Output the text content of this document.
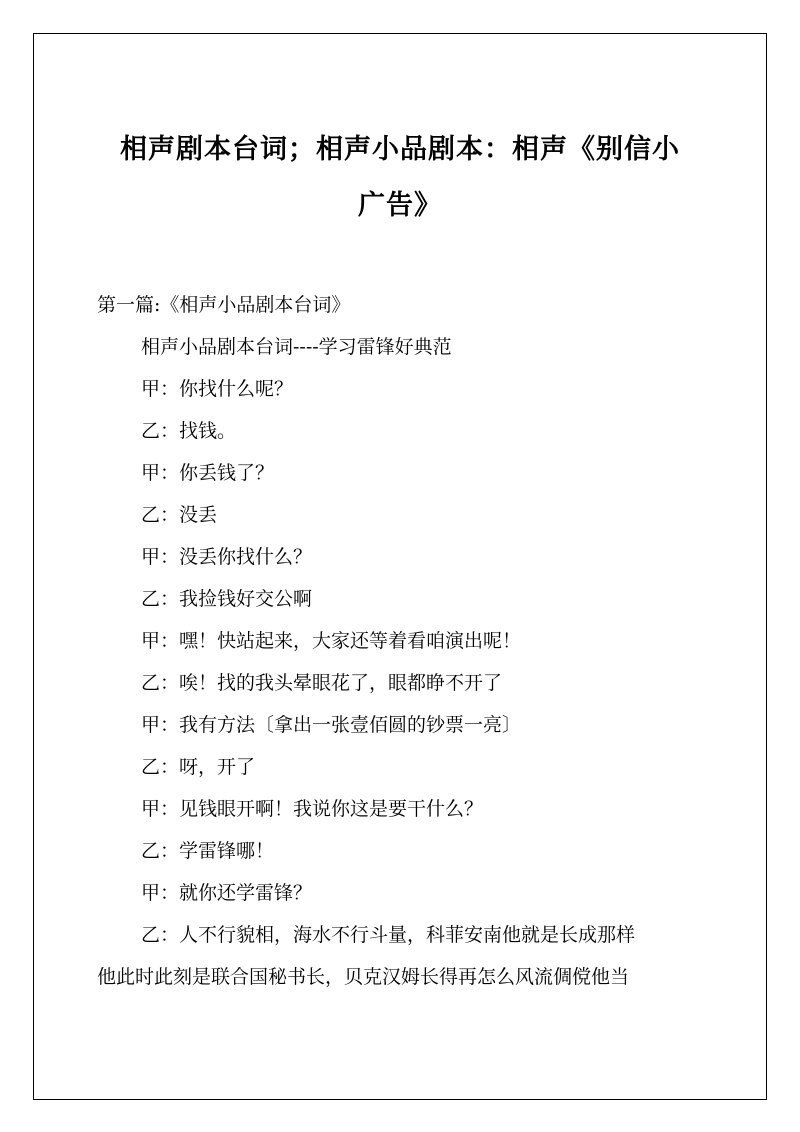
相声剧本台词；相声小品剧本：相声《别信小
广告》
第一篇:《相声小品剧本台词》
相声小品剧本台词----学习雷锋好典范
甲：你找什么呢？
乙：找钱。
甲：你丢钱了？
乙：没丢
甲：没丢你找什么？
乙：我捡钱好交公啊
甲：嘿！快站起来，大家还等着看咱演出呢！
乙：唉！找的我头晕眼花了，眼都睁不开了
甲：我有方法〔拿出一张壹佰圆的钞票一亮〕
乙：呀，开了
甲：见钱眼开啊！我说你这是要干什么？
乙：学雷锋哪！
甲：就你还学雷锋？
乙：人不行貌相，海水不行斗量，科菲安南他就是长成那样
他此时此刻是联合国秘书长，贝克汉姆长得再怎么风流倜傥他当
